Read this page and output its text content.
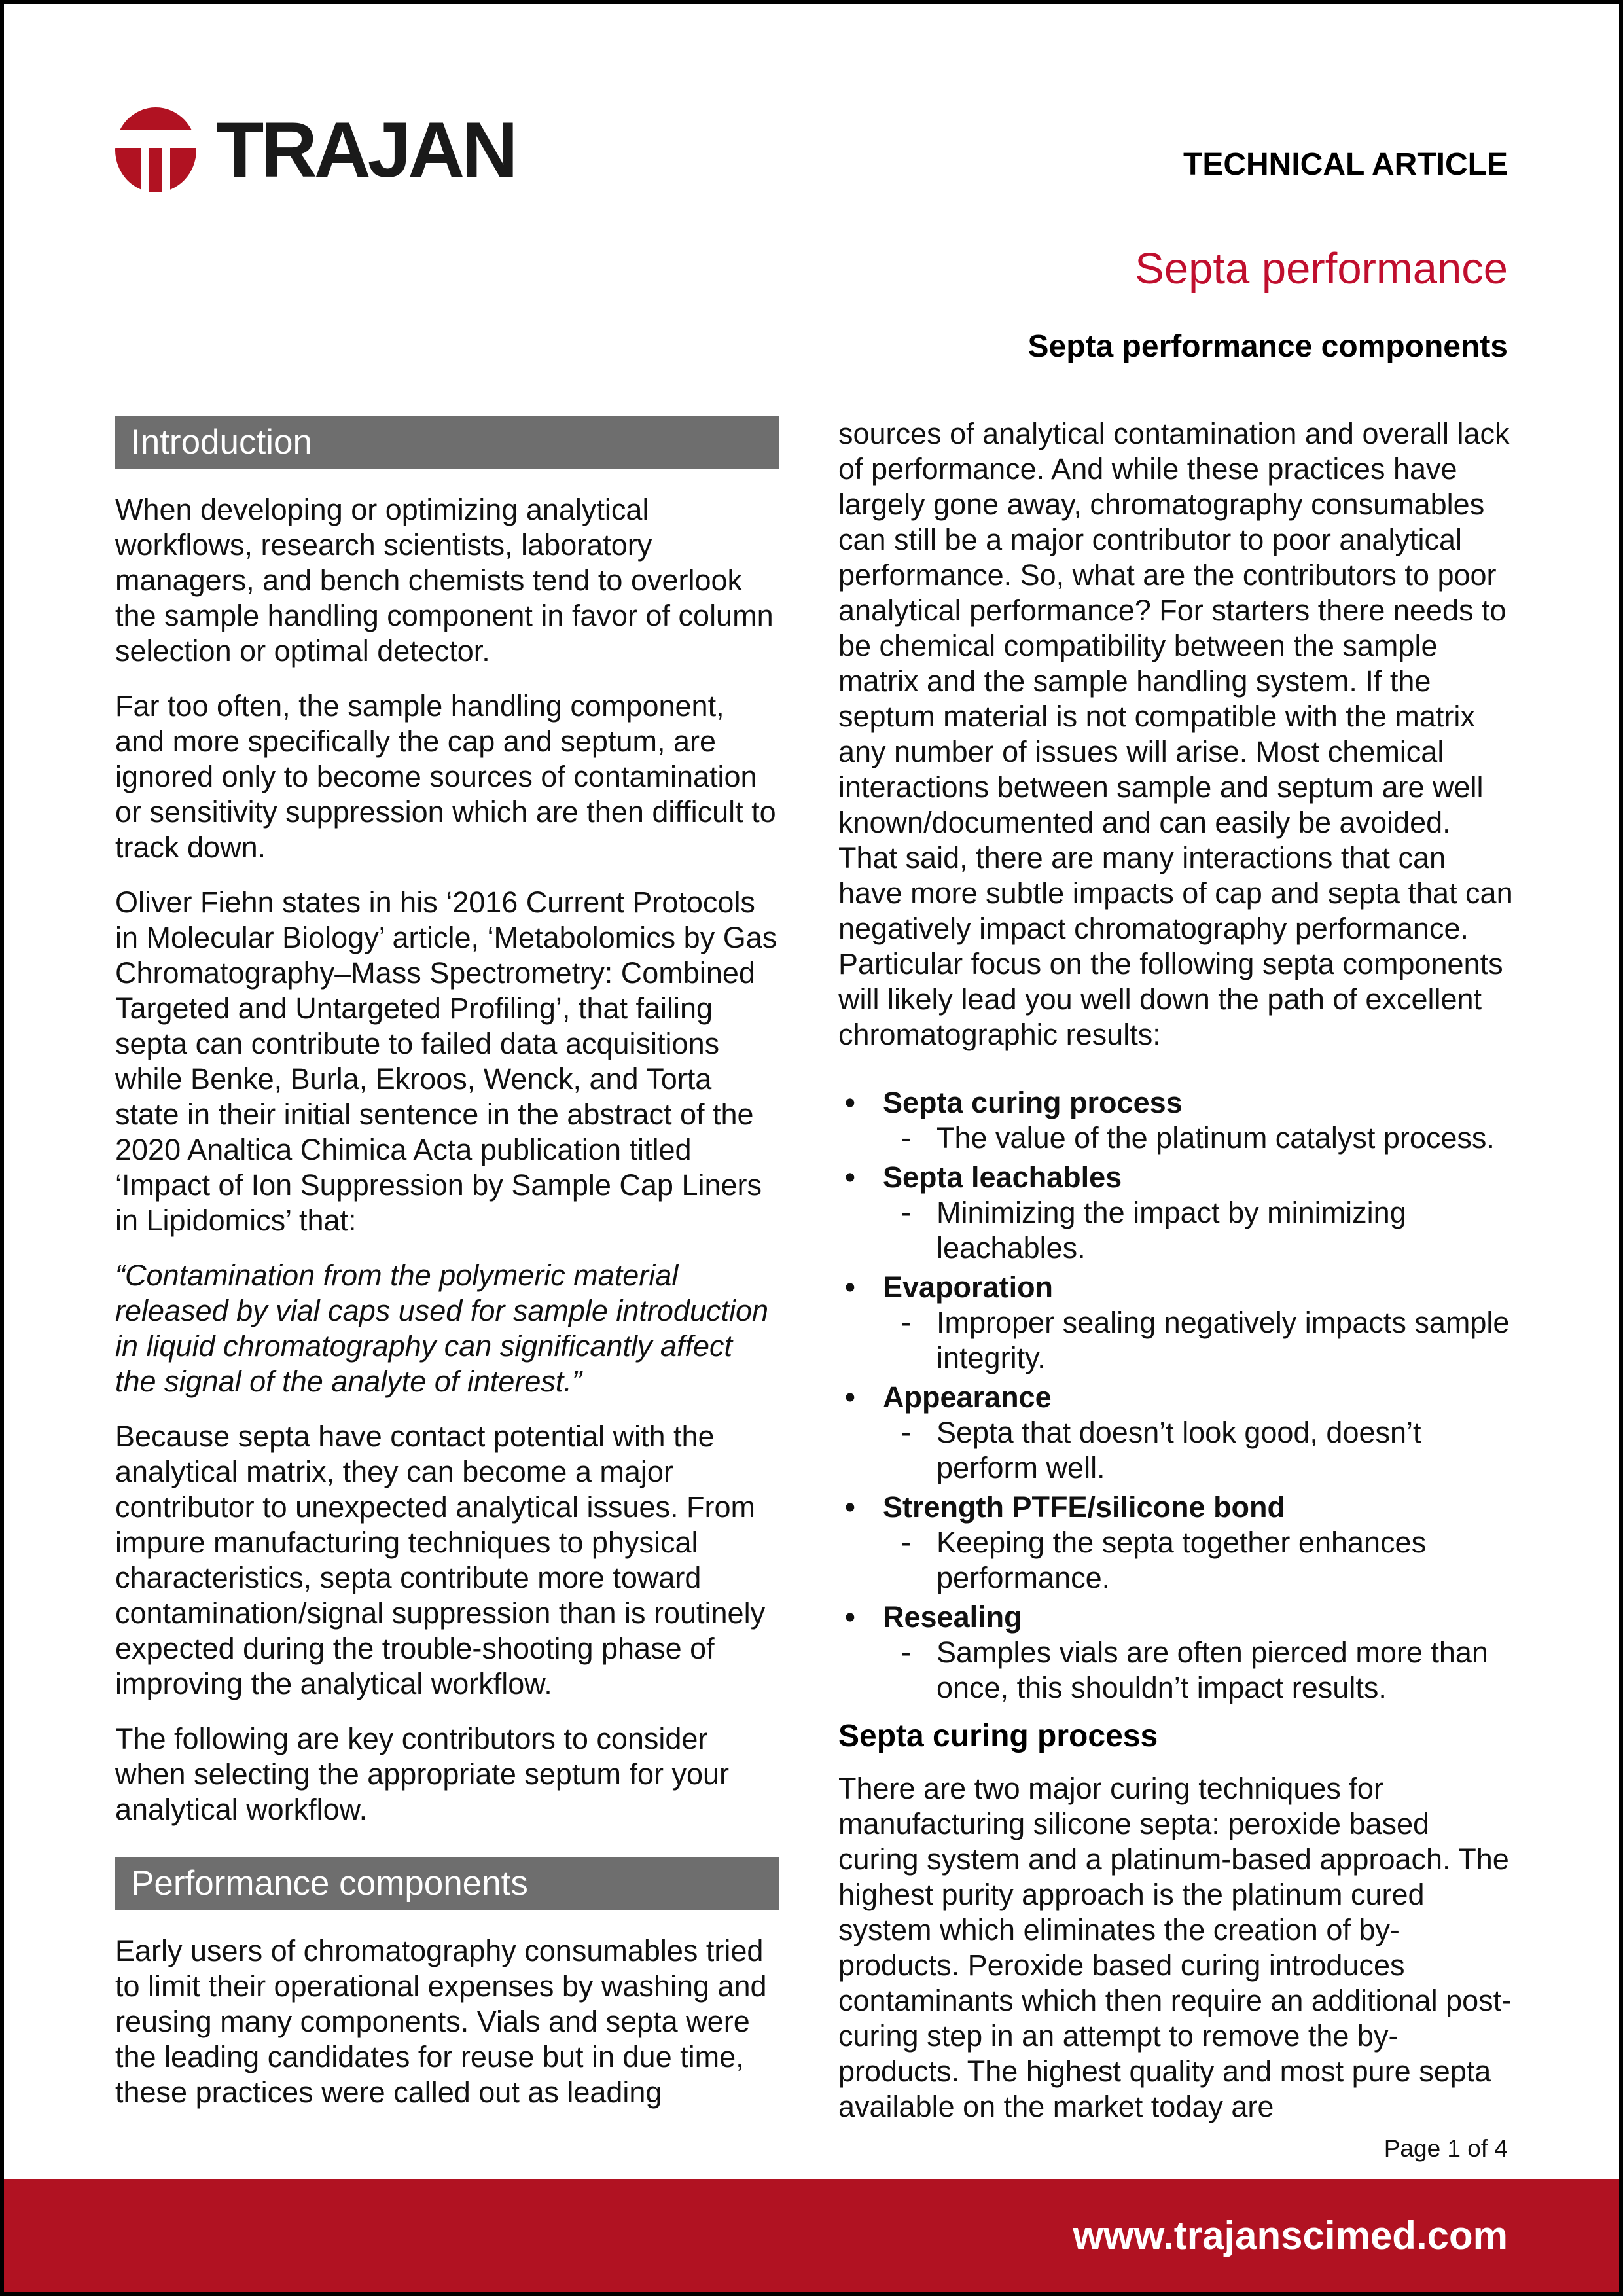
TRAJAN	TECHNICAL ARTICLE
Septa performance
Septa performance components
Introduction

When developing or optimizing analytical workflows, research scientists, laboratory managers, and bench chemists tend to overlook the sample handling component in favor of column selection or optimal detector.

Far too often, the sample handling component, and more specifically the cap and septum, are ignored only to become sources of contamination or sensitivity suppression which are then difficult to track down.

Oliver Fiehn states in his ‘2016 Current Protocols in Molecular Biology’ article, ‘Metabolomics by Gas Chromatography–Mass Spectrometry: Combined Targeted and Untargeted Profiling’, that failing septa can contribute to failed data acquisitions while Benke, Burla, Ekroos, Wenck, and Torta state in their initial sentence in the abstract of the 2020 Analtica Chimica Acta publication titled ‘Impact of Ion Suppression by Sample Cap Liners in Lipidomics’ that:

“Contamination from the polymeric material released by vial caps used for sample introduction in liquid chromatography can significantly affect the signal of the analyte of interest.”

Because septa have contact potential with the analytical matrix, they can become a major contributor to unexpected analytical issues. From impure manufacturing techniques to physical characteristics, septa contribute more toward contamination/signal suppression than is routinely expected during the trouble-shooting phase of improving the analytical workflow.

The following are key contributors to consider when selecting the appropriate septum for your analytical workflow.

Performance components

Early users of chromatography consumables tried to limit their operational expenses by washing and reusing many components. Vials and septa were the leading candidates for reuse but in due time, these practices were called out as leading

sources of analytical contamination and overall lack of performance. And while these practices have largely gone away, chromatography consumables can still be a major contributor to poor analytical performance. So, what are the contributors to poor analytical performance? For starters there needs to be chemical compatibility between the sample matrix and the sample handling system. If the septum material is not compatible with the matrix any number of issues will arise. Most chemical interactions between sample and septum are well known/documented and can easily be avoided. That said, there are many interactions that can have more subtle impacts of cap and septa that can negatively impact chromatography performance. Particular focus on the following septa components will likely lead you well down the path of excellent chromatographic results:

• Septa curing process
- The value of the platinum catalyst process.
• Septa leachables
- Minimizing the impact by minimizing leachables.
• Evaporation
- Improper sealing negatively impacts sample integrity.
• Appearance
- Septa that doesn’t look good, doesn’t perform well.
• Strength PTFE/silicone bond
- Keeping the septa together enhances performance.
• Resealing
- Samples vials are often pierced more than once, this shouldn’t impact results.
Septa curing process

There are two major curing techniques for manufacturing silicone septa: peroxide based curing system and a platinum-based approach. The highest purity approach is the platinum cured system which eliminates the creation of by-products. Peroxide based curing introduces contaminants which then require an additional post-curing step in an attempt to remove the by-products. The highest quality and most pure septa available on the market today are

Page 1 of 4
www.trajanscimed.com
